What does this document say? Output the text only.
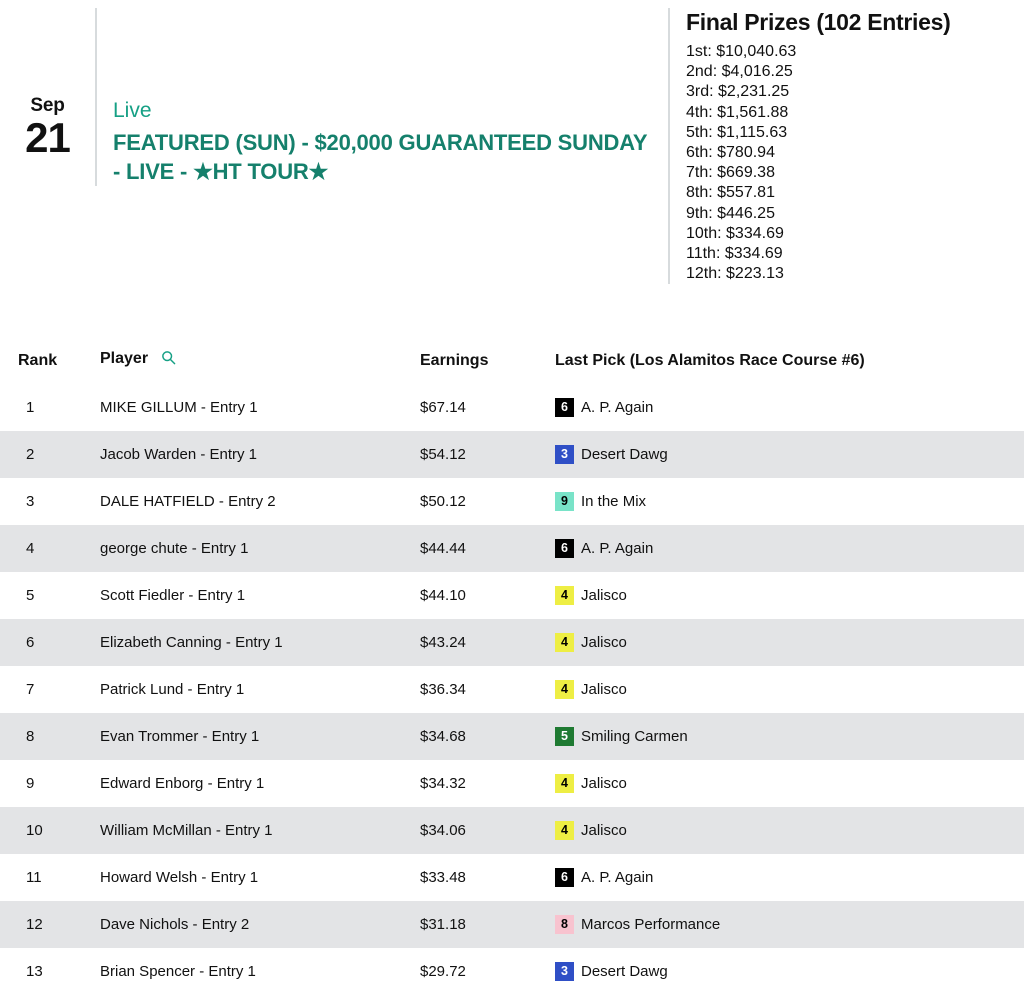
Sep
21
Live
FEATURED (SUN) - $20,000 GUARANTEED SUNDAY - LIVE - ★HT TOUR★
Final Prizes (102 Entries)
1st: $10,040.63
2nd: $4,016.25
3rd: $2,231.25
4th: $1,561.88
5th: $1,115.63
6th: $780.94
7th: $669.38
8th: $557.81
9th: $446.25
10th: $334.69
11th: $334.69
12th: $223.13
Rank	Player	Earnings	Last Pick (Los Alamitos Race Course #6)
1	MIKE GILLUM - Entry 1	$67.14	6 A. P. Again

2	Jacob Warden - Entry 1	$54.12	3 Desert Dawg

3	DALE HATFIELD - Entry 2	$50.12	9 In the Mix

4	george chute - Entry 1	$44.44	6 A. P. Again

5	Scott Fiedler - Entry 1	$44.10	4 Jalisco

6	Elizabeth Canning - Entry 1	$43.24	4 Jalisco

7	Patrick Lund - Entry 1	$36.34	4 Jalisco

8	Evan Trommer - Entry 1	$34.68	5 Smiling Carmen

9	Edward Enborg - Entry 1	$34.32	4 Jalisco

10	William McMillan - Entry 1	$34.06	4 Jalisco

11	Howard Welsh - Entry 1	$33.48	6 A. P. Again

12	Dave Nichols - Entry 2	$31.18	8 Marcos Performance

13	Brian Spencer - Entry 1	$29.72	3 Desert Dawg
